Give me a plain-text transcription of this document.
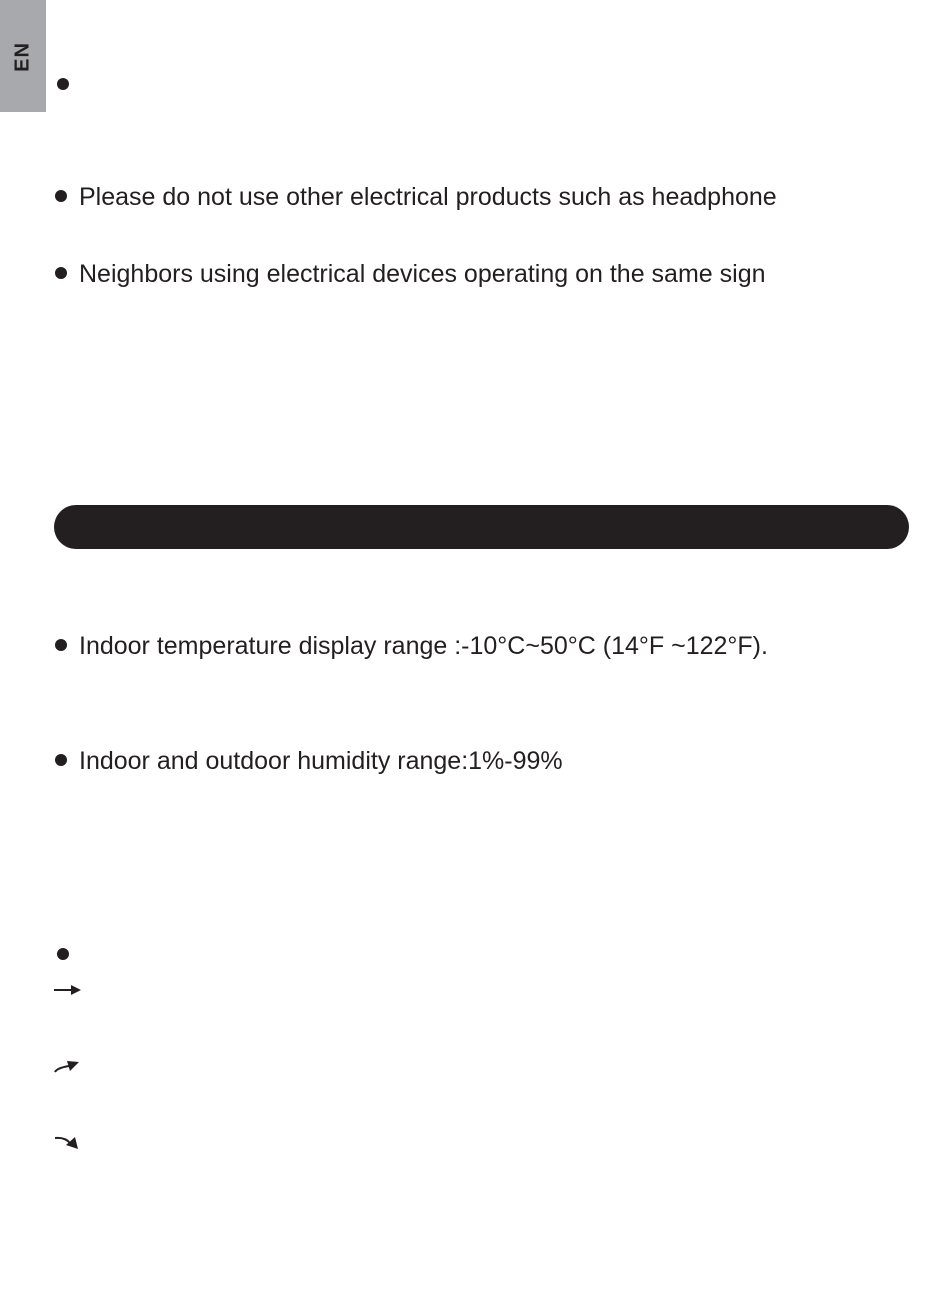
EN
Please do not use other electrical products such as headphone
Neighbors using electrical devices operating on the same sign
Indoor temperature display range :-10°C~50°C (14°F ~122°F).
Indoor and outdoor humidity range:1%-99%
